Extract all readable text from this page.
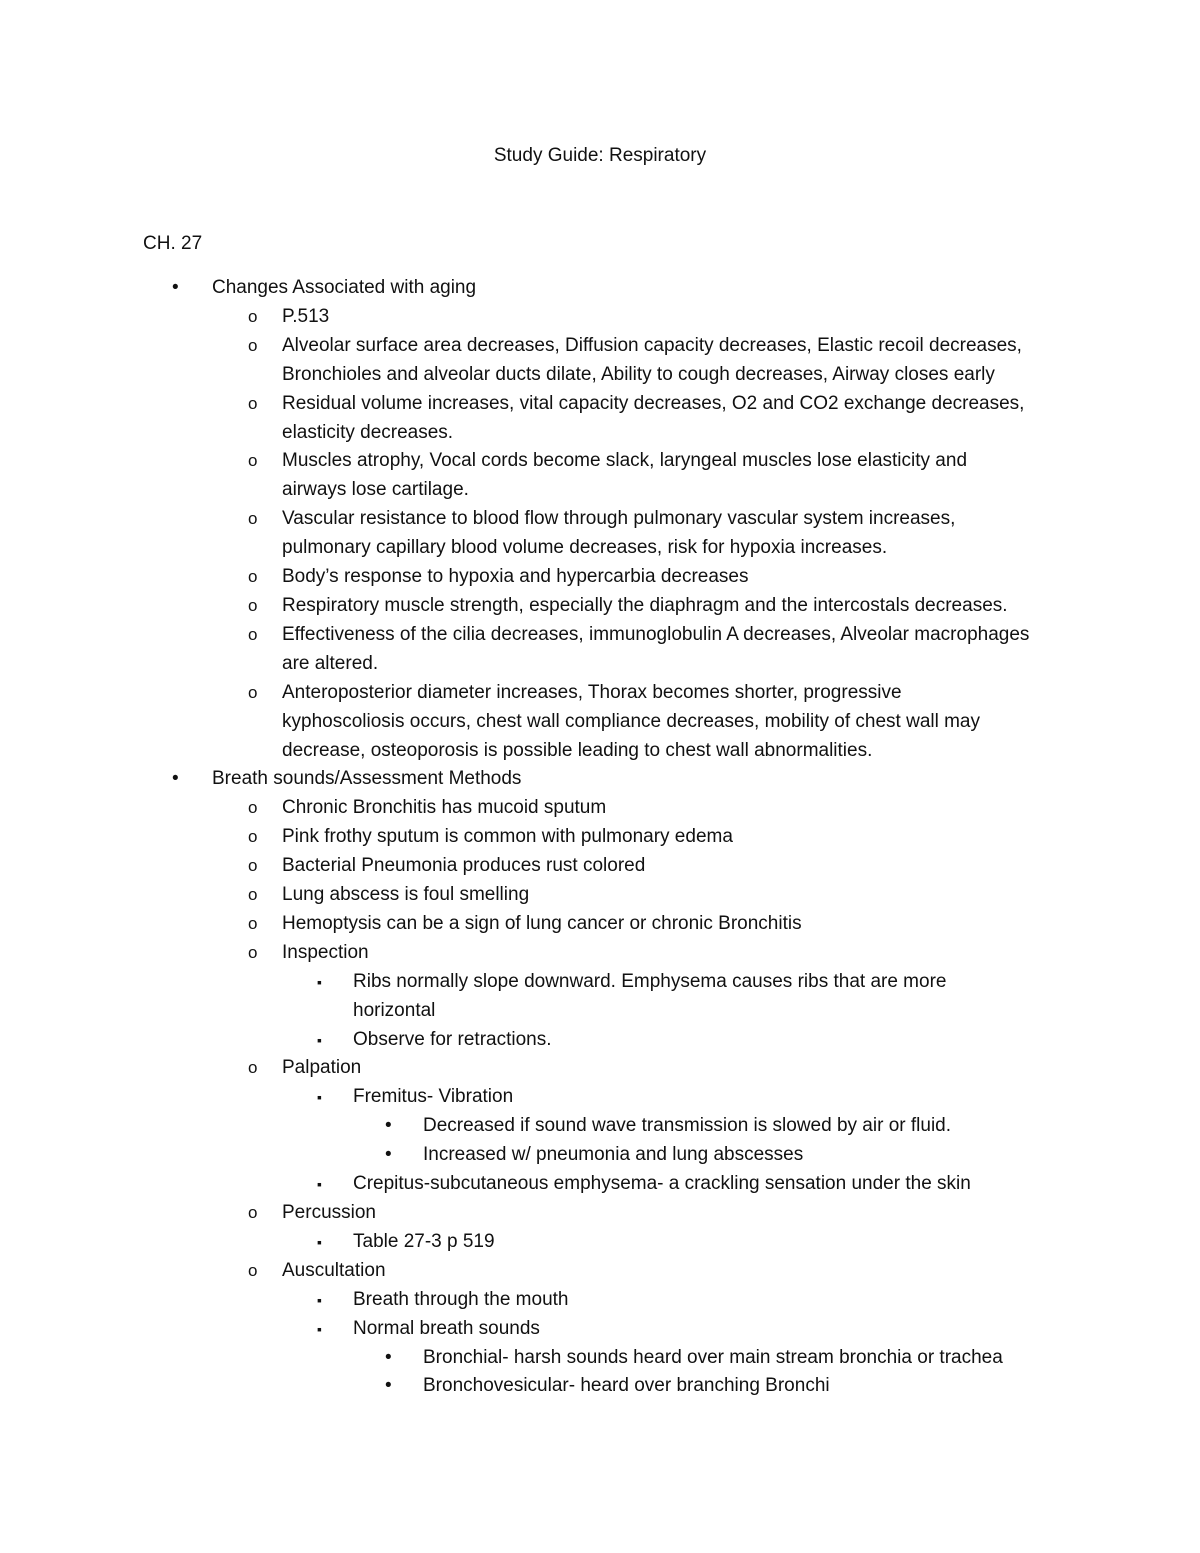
Study Guide: Respiratory
CH. 27
• Changes Associated with aging
o P.513
o Alveolar surface area decreases, Diffusion capacity decreases, Elastic recoil decreases,
Bronchioles and alveolar ducts dilate, Ability to cough decreases, Airway closes early
o Residual volume increases, vital capacity decreases, O2 and CO2 exchange decreases,
elasticity decreases.
o Muscles atrophy, Vocal cords become slack, laryngeal muscles lose elasticity and
airways lose cartilage.
o Vascular resistance to blood flow through pulmonary vascular system increases,
pulmonary capillary blood volume decreases, risk for hypoxia increases.
o Body’s response to hypoxia and hypercarbia decreases
o Respiratory muscle strength, especially the diaphragm and the intercostals decreases.
o Effectiveness of the cilia decreases, immunoglobulin A decreases, Alveolar macrophages
are altered.
o Anteroposterior diameter increases, Thorax becomes shorter, progressive
kyphoscoliosis occurs, chest wall compliance decreases, mobility of chest wall may
decrease, osteoporosis is possible leading to chest wall abnormalities.
• Breath sounds/Assessment Methods
o Chronic Bronchitis has mucoid sputum
o Pink frothy sputum is common with pulmonary edema
o Bacterial Pneumonia produces rust colored
o Lung abscess is foul smelling
o Hemoptysis can be a sign of lung cancer or chronic Bronchitis
o Inspection
▪ Ribs normally slope downward. Emphysema causes ribs that are more
horizontal
▪ Observe for retractions.
o Palpation
▪ Fremitus- Vibration
• Decreased if sound wave transmission is slowed by air or fluid.
• Increased w/ pneumonia and lung abscesses
▪ Crepitus-subcutaneous emphysema- a crackling sensation under the skin
o Percussion
▪ Table 27-3 p 519
o Auscultation
▪ Breath through the mouth
▪ Normal breath sounds
• Bronchial- harsh sounds heard over main stream bronchia or trachea
• Bronchovesicular- heard over branching Bronchi
